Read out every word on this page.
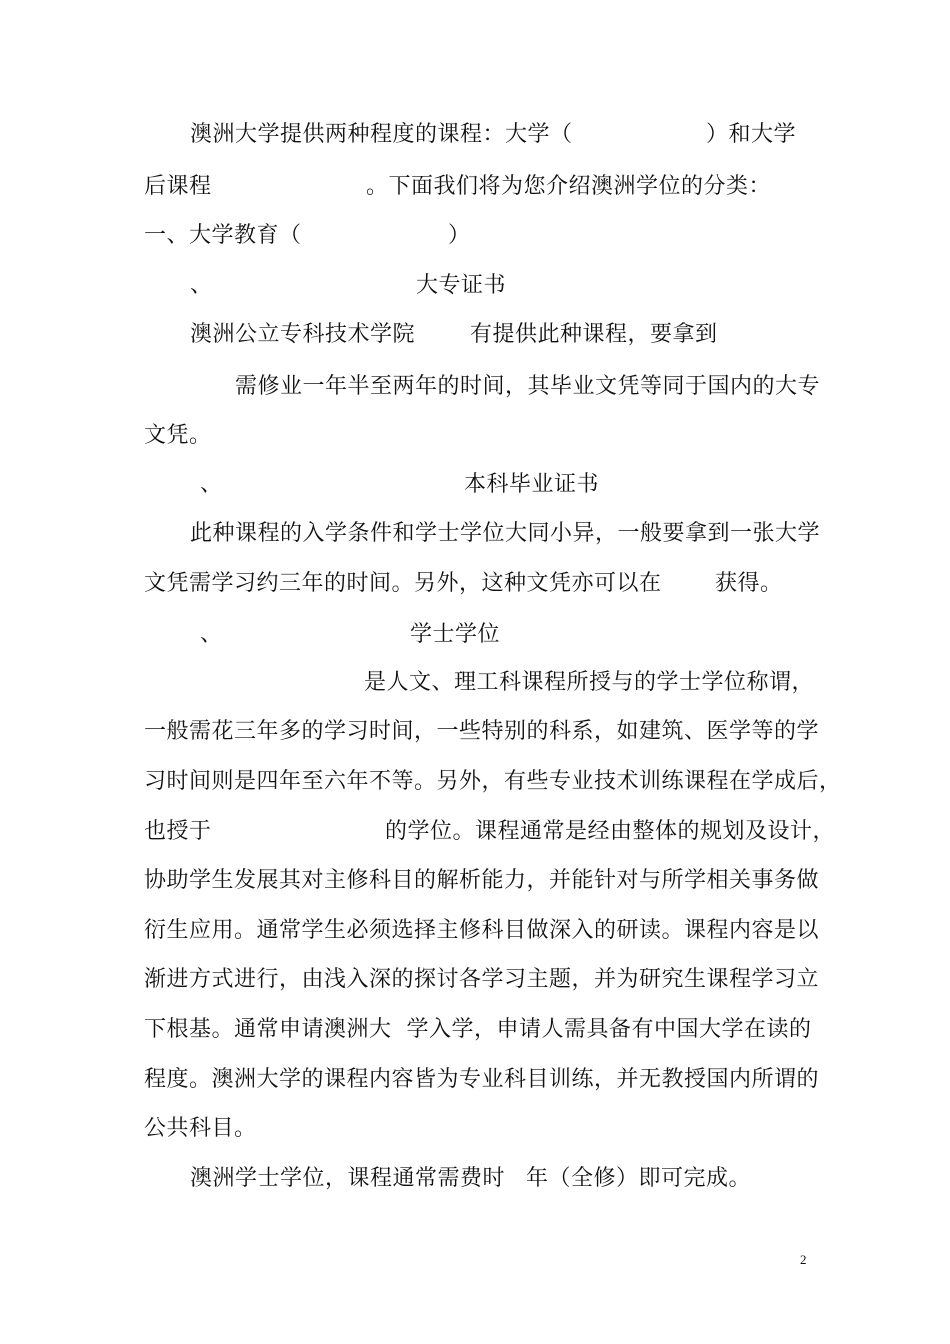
澳洲大学提供两种程度的课程：大学（	）和大学
后课程	。下面我们将为您介绍澳洲学位的分类：
一、大学教育（	）
、	大专证书
澳洲公立专科技术学院 有提供此种课程，要拿到
需修业一年半至两年的时间，其毕业文凭等同于国内的大专
文凭。
、	本科毕业证书
此种课程的入学条件和学士学位大同小异，一般要拿到一张大学
文凭需学习约三年的时间。另外，这种文凭亦可以在 获得。
、	学士学位
是人文、理工科课程所授与的学士学位称谓，
一般需花三年多的学习时间，一些特别的科系，如建筑、医学等的学
习时间则是四年至六年不等。另外，有些专业技术训练课程在学成后，
也授于	的学位。课程通常是经由整体的规划及设计，
协助学生发展其对主修科目的解析能力，并能针对与所学相关事务做
衍生应用。通常学生必须选择主修科目做深入的研读。课程内容是以
渐进方式进行，由浅入深的探讨各学习主题，并为研究生课程学习立
下根基。通常申请澳洲大  学入学，申请人需具备有中国大学在读的
程度。澳洲大学的课程内容皆为专业科目训练，并无教授国内所谓的
公共科目。
澳洲学士学位，课程通常需费时 年（全修）即可完成。
2
